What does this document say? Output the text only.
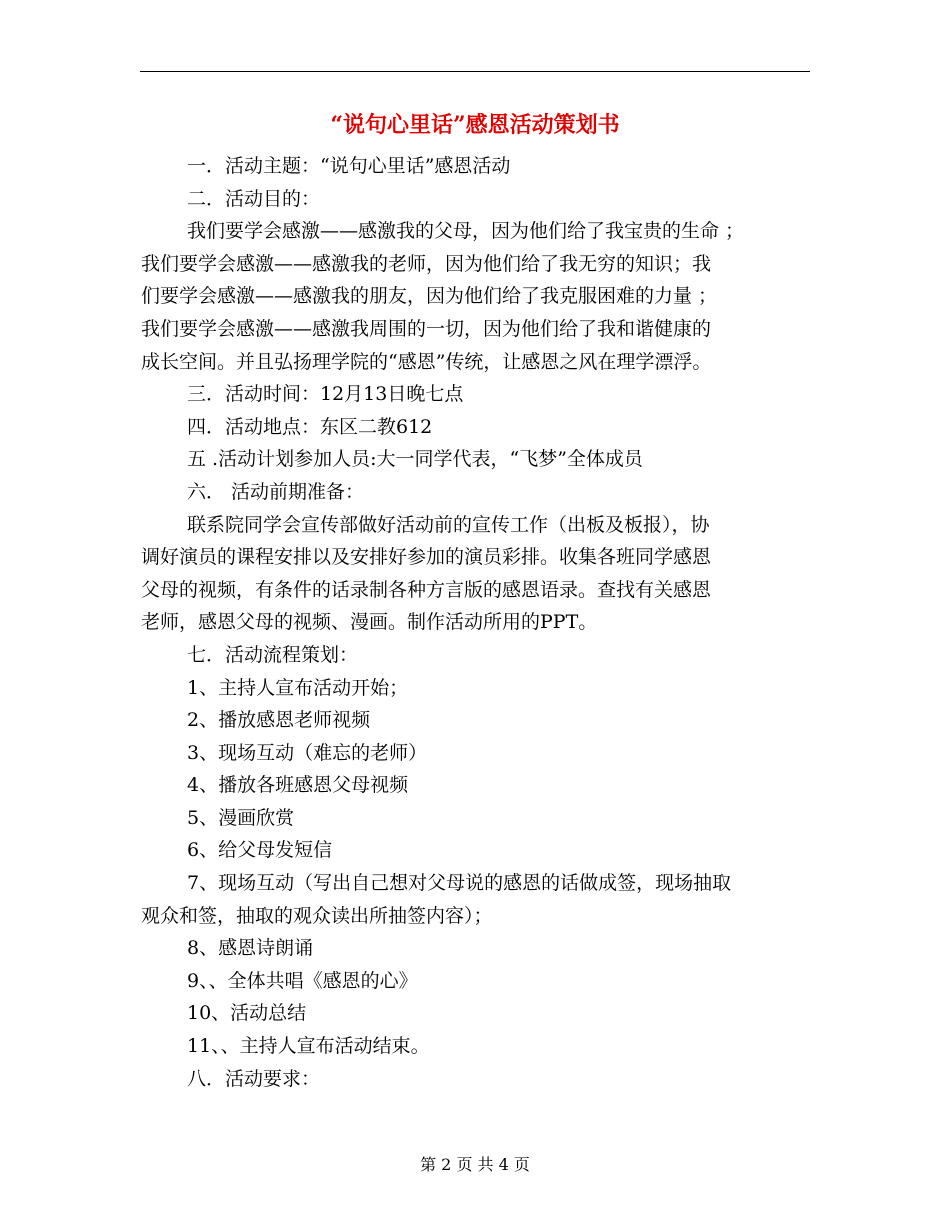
“说句心里话”感恩活动策划书

一．活动主题：“说句心里话”感恩活动

二．活动目的：

我们要学会感激——感激我的父母，因为他们给了我宝贵的生命 ；

我们要学会感激——感激我的老师，因为他们给了我无穷的知识；我

们要学会感激——感激我的朋友，因为他们给了我克服困难的力量 ；

我们要学会感激——感激我周围的一切，因为他们给了我和谐健康的

成长空间。并且弘扬理学院的“感恩”传统，让感恩之风在理学漂浮。

三．活动时间：12月13日晚七点

四．活动地点：东区二教612

五 .活动计划参加人员:大一同学代表，“飞梦”全体成员

六． 活动前期准备：

联系院同学会宣传部做好活动前的宣传工作（出板及板报），协

调好演员的课程安排以及安排好参加的演员彩排。收集各班同学感恩

父母的视频，有条件的话录制各种方言版的感恩语录。查找有关感恩

老师，感恩父母的视频、漫画。制作活动所用的PPT。

七．活动流程策划：

1、主持人宣布活动开始；

2、播放感恩老师视频

3、现场互动（难忘的老师）

4、播放各班感恩父母视频

5、漫画欣赏

6、给父母发短信

7、现场互动（写出自己想对父母说的感恩的话做成签，现场抽取

观众和签，抽取的观众读出所抽签内容）；

8、感恩诗朗诵

9、、全体共唱《感恩的心》

10、活动总结

11、、主持人宣布活动结束。

八．活动要求：

第 2 页 共 4 页
